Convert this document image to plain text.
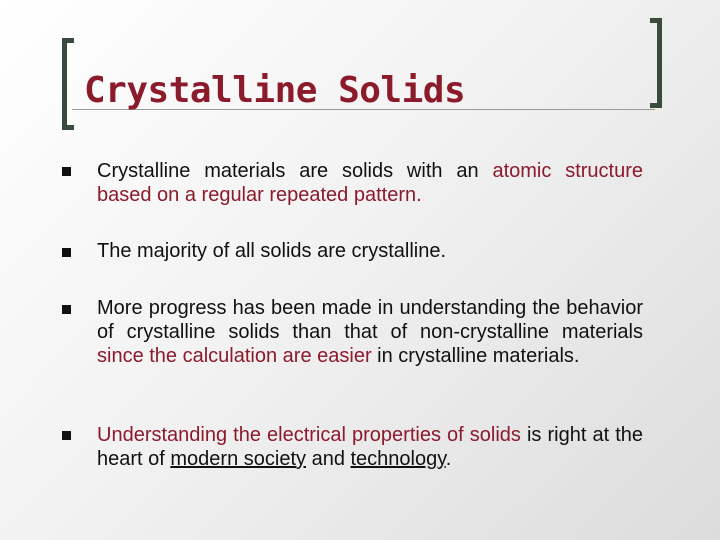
Crystalline Solids

Crystalline materials are solids with an atomic structure based on a regular repeated pattern.

The majority of all solids are crystalline.

More progress has been made in understanding the behavior of crystalline solids than that of non-crystalline materials since the calculation are easier in crystalline materials.

Understanding the electrical properties of solids is right at the heart of modern society and technology.
